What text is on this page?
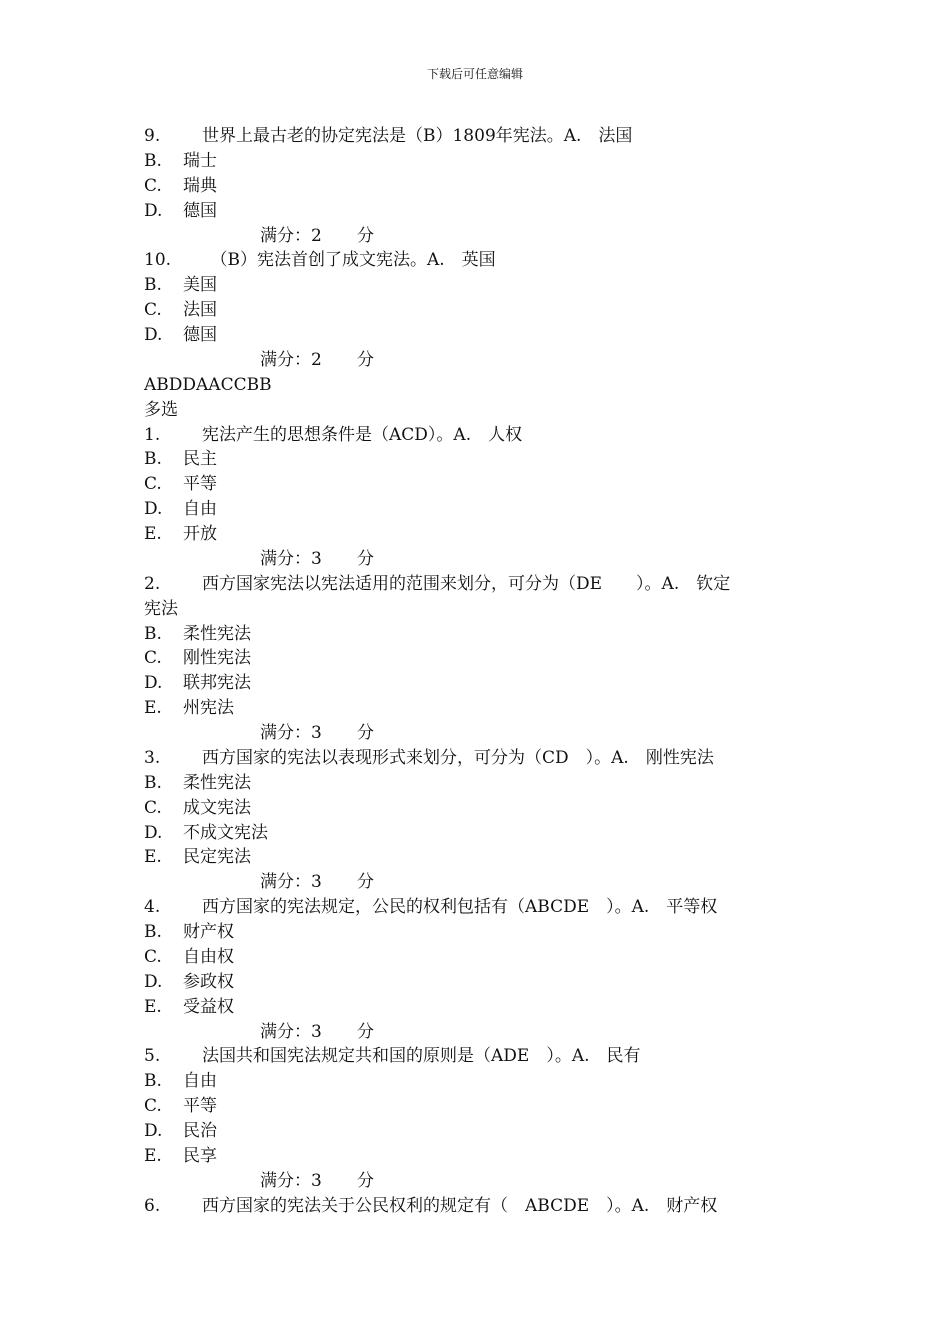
下载后可任意编辑
9. 世界上最古老的协定宪法是（B）1809年宪法。A.　法国
B. 瑞士
C. 瑞典
D. 德国
满分：2 分
10.　（B）宪法首创了成文宪法。A.　英国
B. 美国
C. 法国
D. 德国
满分：2 分
ABDDAACCBB
多选
1. 宪法产生的思想条件是（ACD）。A.　人权
B. 民主
C. 平等
D. 自由
E. 开放
满分：3 分
2. 西方国家宪法以宪法适用的范围来划分，可分为（DE　　）。A.　钦定
宪法
B. 柔性宪法
C. 刚性宪法
D. 联邦宪法
E. 州宪法
满分：3 分
3. 西方国家的宪法以表现形式来划分，可分为（CD　）。A.　刚性宪法
B. 柔性宪法
C. 成文宪法
D. 不成文宪法
E. 民定宪法
满分：3 分
4. 西方国家的宪法规定，公民的权利包括有（ABCDE　）。A.　平等权
B. 财产权
C. 自由权
D. 参政权
E. 受益权
满分：3 分
5. 法国共和国宪法规定共和国的原则是（ADE　）。A.　民有
B. 自由
C. 平等
D. 民治
E. 民享
满分：3 分
6. 西方国家的宪法关于公民权利的规定有（　ABCDE　）。A.　财产权
